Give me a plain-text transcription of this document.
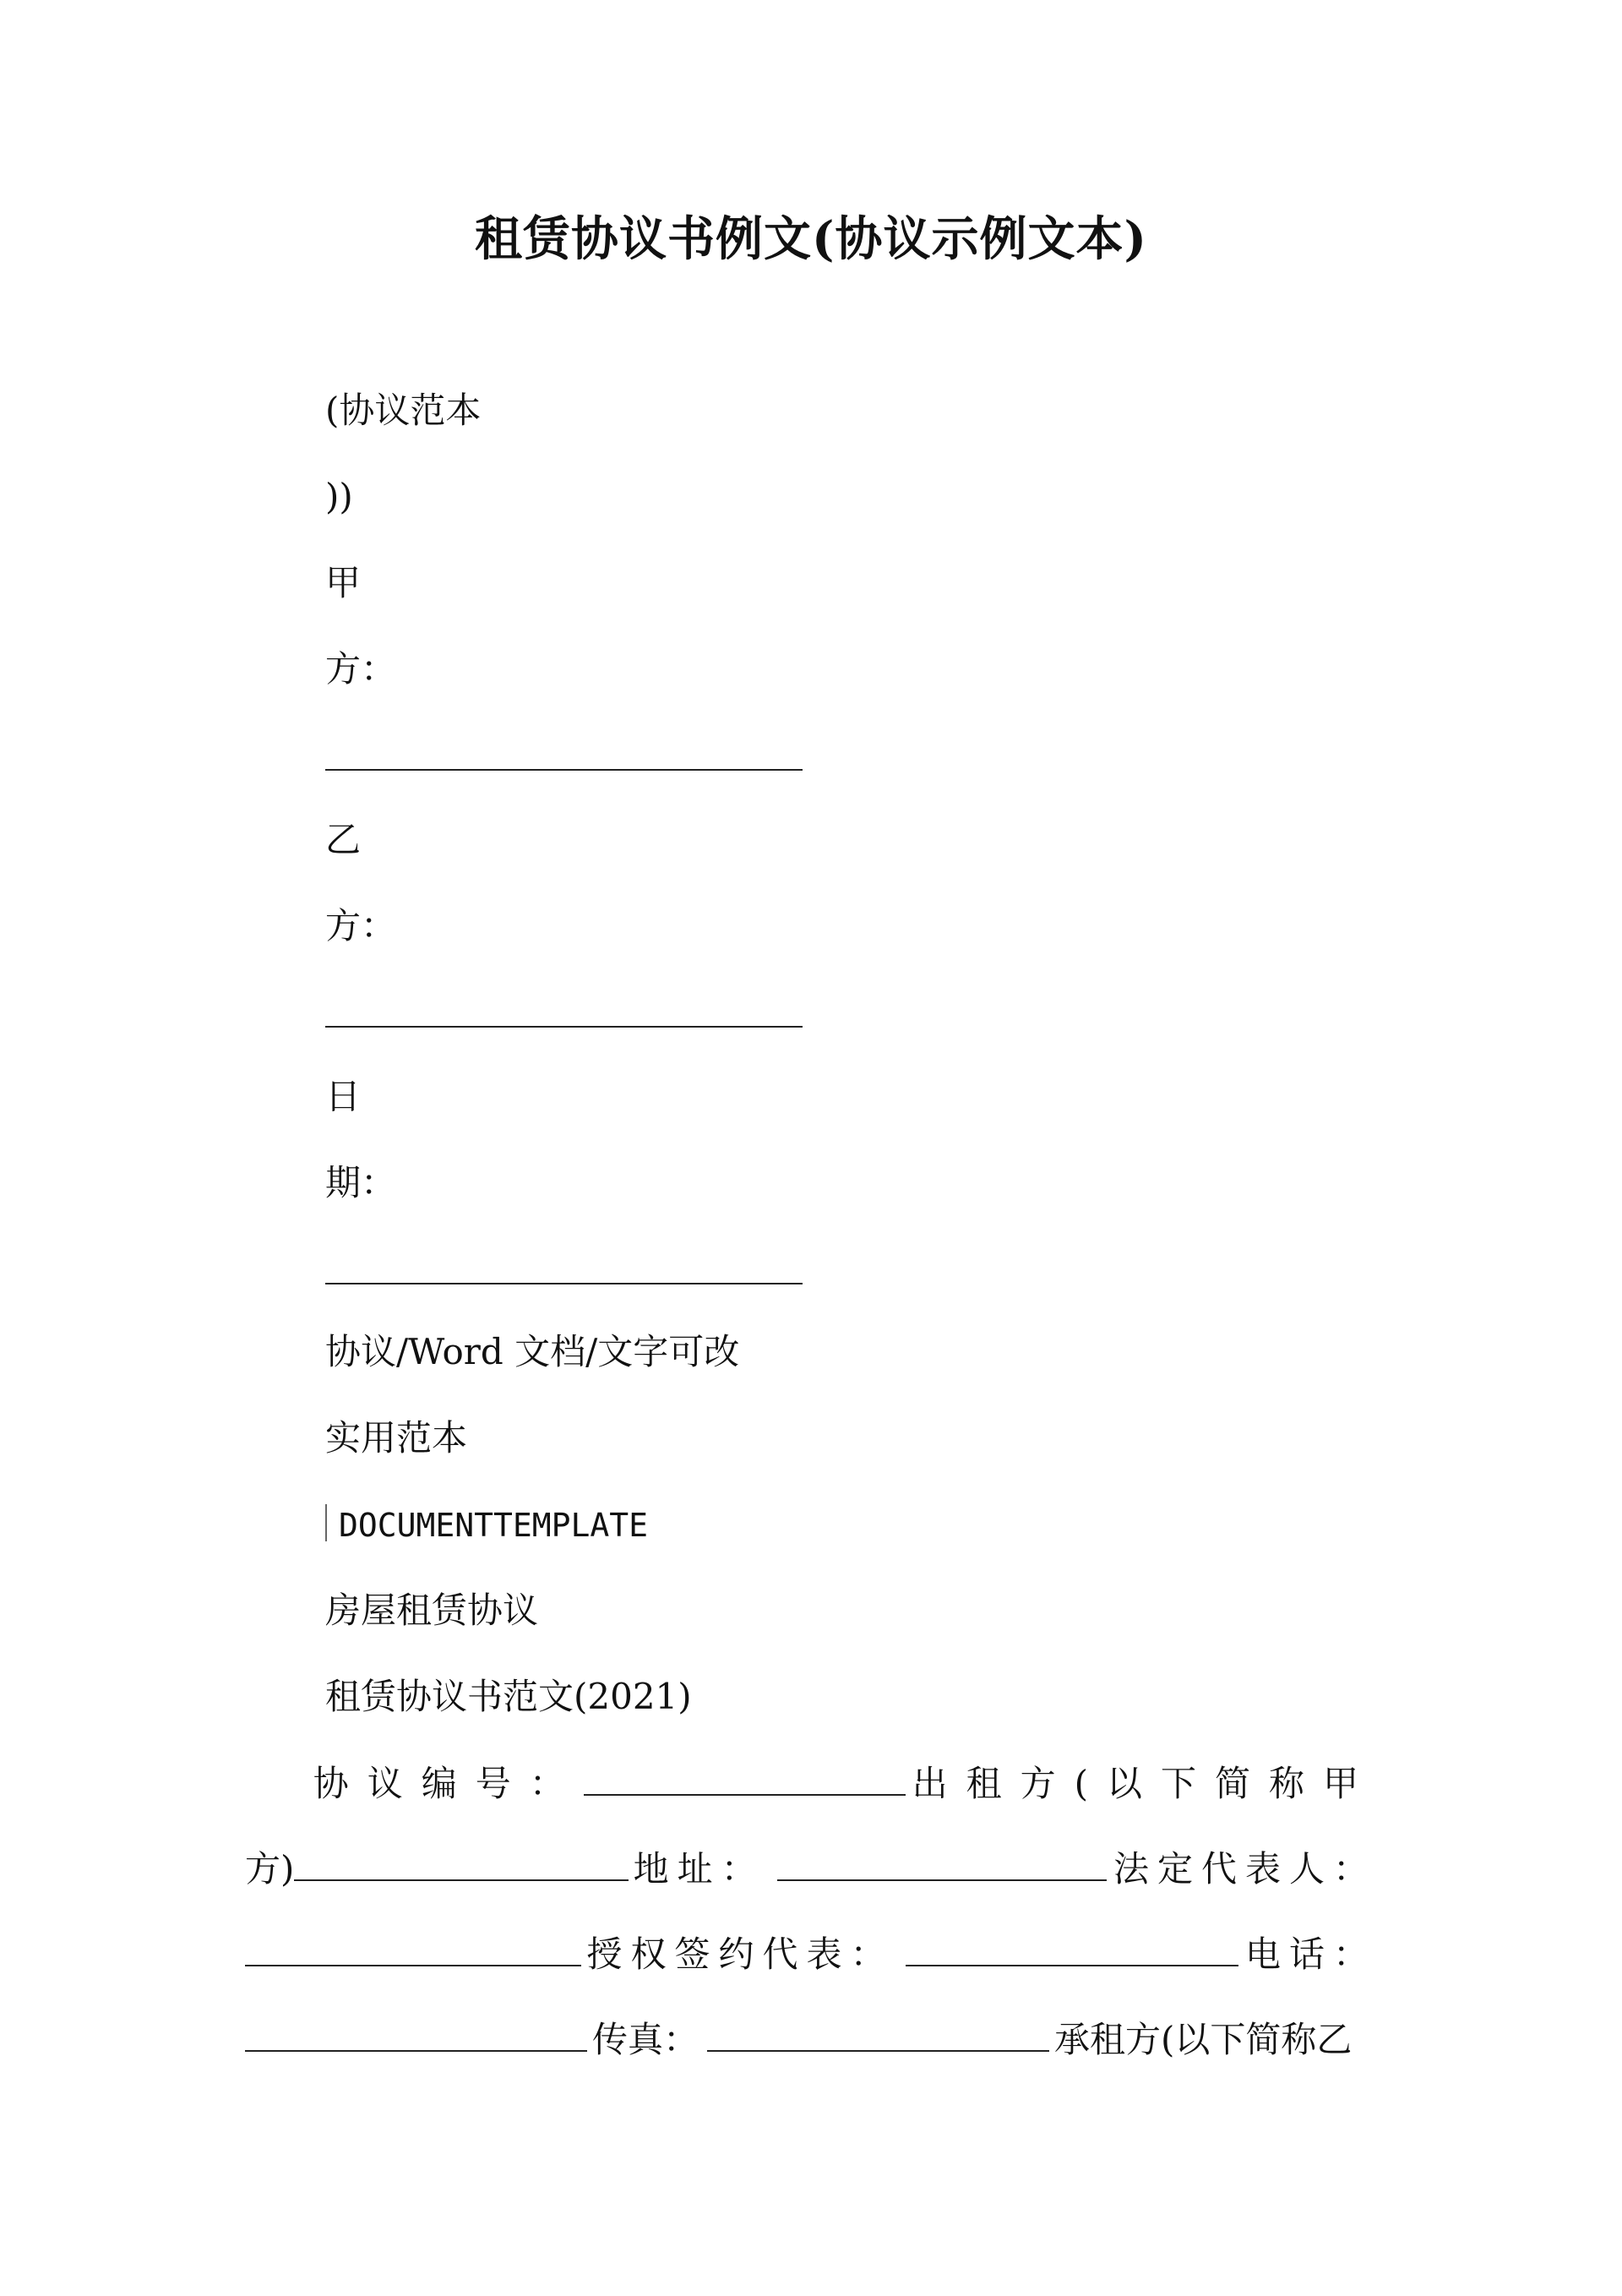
租赁协议书例文(协议示例文本)
(协议范本
))
甲
方：
乙
方：
日
期：
协议/Word 文档/文字可改
实用范本
DOCUMENTTEMPLATE
房屋租赁协议
租赁协议书范文(2021)
协议编号：	出租方(以下简称甲
方)	地址：	法定代表人：
授权签约代表：	电话：
传真：	承租方(以下简称乙
